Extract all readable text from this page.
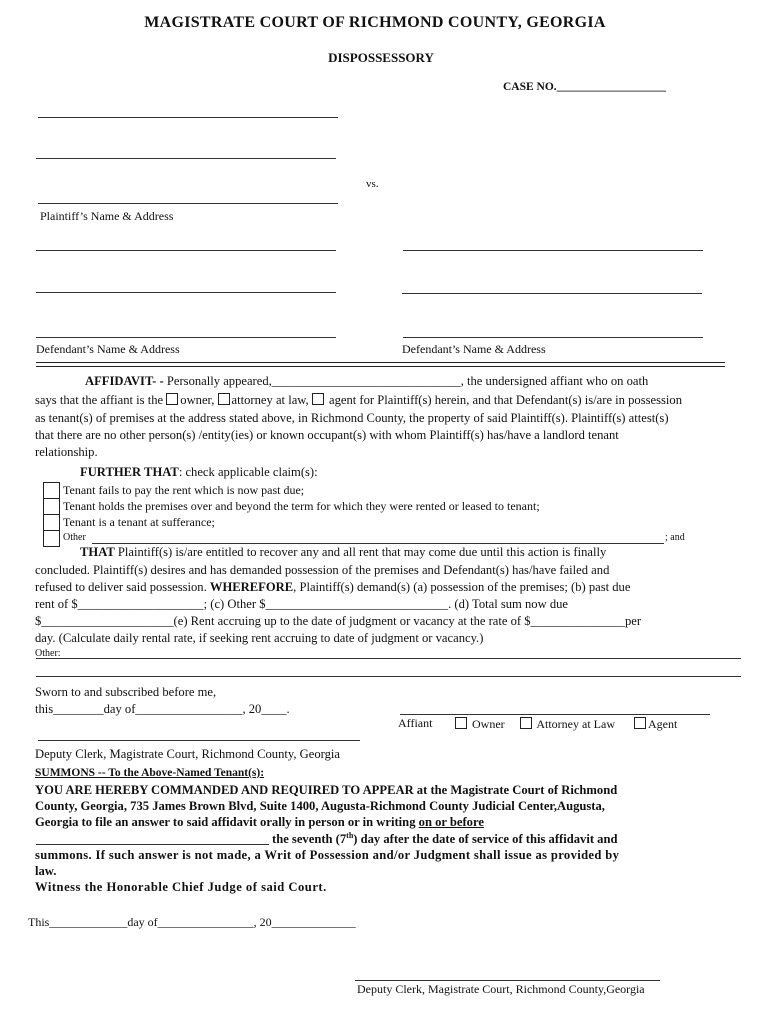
MAGISTRATE COURT OF RICHMOND COUNTY, GEORGIA
DISPOSSESSORY
CASE NO.___________________
vs.
Plaintiff’s Name & Address
Defendant’s Name & Address	Defendant’s Name & Address
AFFIDAVIT- - Personally appeared,______________________________, the undersigned affiant who on oath
says that the affiant is the owner, attorney at law,  agent for Plaintiff(s) herein, and that Defendant(s) is/are in possession
as tenant(s) of premises at the address stated above, in Richmond County, the property of said Plaintiff(s). Plaintiff(s) attest(s)
that there are no other person(s) /entity(ies) or known occupant(s) with whom Plaintiff(s) has/have a landlord tenant
relationship.
FURTHER THAT: check applicable claim(s):
Tenant fails to pay the rent which is now past due;
Tenant holds the premises over and beyond the term for which they were rented or leased to tenant;
Tenant is a tenant at sufferance;
Other	; and
THAT Plaintiff(s) is/are entitled to recover any and all rent that may come due until this action is finally
concluded. Plaintiff(s) desires and has demanded possession of the premises and Defendant(s) has/have failed and
refused to deliver said possession. WHEREFORE, Plaintiff(s) demand(s) (a) possession of the premises; (b) past due
rent of $____________________; (c) Other $_____________________________. (d) Total sum now due
$_____________________(e) Rent accruing up to the date of judgment or vacancy at the rate of $_______________per
day. (Calculate daily rental rate, if seeking rent accruing to date of judgment or vacancy.)
Other:
Sworn to and subscribed before me,
this________day of_________________, 20____.
Affiant	Owner	Attorney at Law	Agent
Deputy Clerk, Magistrate Court, Richmond County, Georgia
SUMMONS -- To the Above-Named Tenant(s):
YOU ARE HEREBY COMMANDED AND REQUIRED TO APPEAR at the Magistrate Court of Richmond
County, Georgia, 735 James Brown Blvd, Suite 1400, Augusta-Richmond County Judicial Center,Augusta,
Georgia to file an answer to said affidavit orally in person or in writing on or before
the seventh (7th) day after the date of service of this affidavit and
summons. If such answer is not made, a Writ of Possession and/or Judgment shall issue as provided by
law.
Witness the Honorable Chief Judge of said Court.
This_____________day of________________, 20______________
Deputy Clerk, Magistrate Court, Richmond County,Georgia
